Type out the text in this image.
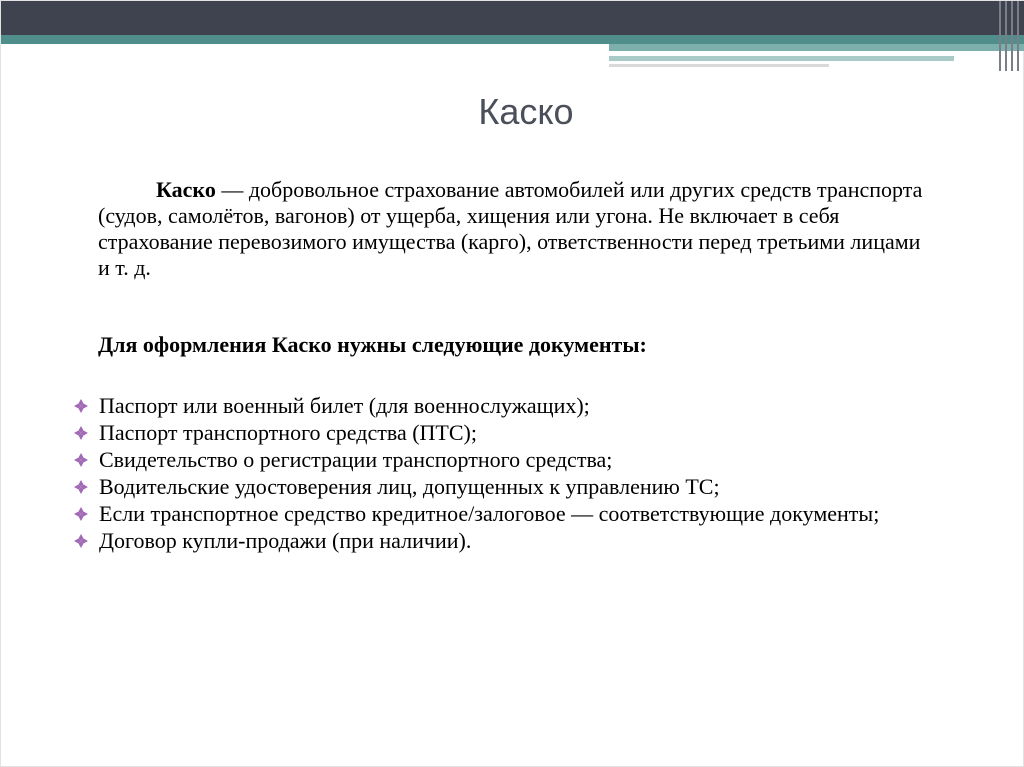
Каско
Каско — добровольное страхование автомобилей или других средств транспорта (судов, самолётов, вагонов) от ущерба, хищения или угона. Не включает в себя страхование перевозимого имущества (карго), ответственности перед третьими лицами и т. д.
Для оформления Каско нужны следующие документы:
Паспорт или военный билет (для военнослужащих);
Паспорт транспортного средства (ПТС);
Свидетельство о регистрации транспортного средства;
Водительские удостоверения лиц, допущенных к управлению ТС;
Если транспортное средство кредитное/залоговое — соответствующие документы;
Договор купли-продажи (при наличии).
